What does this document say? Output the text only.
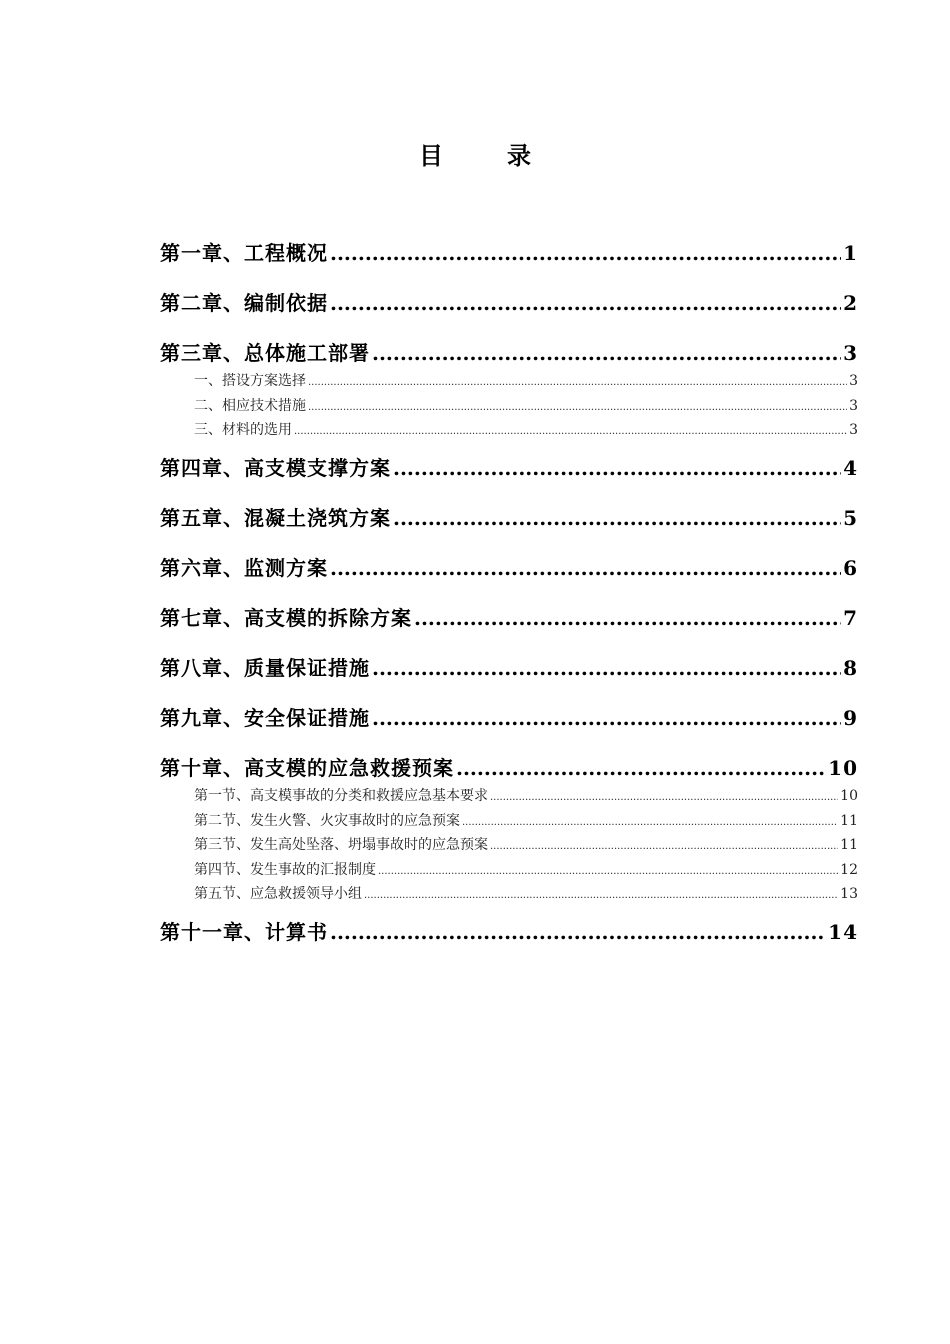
目	录
第一章、工程概况 .....	1
第二章、编制依据 .....	2
第三章、总体施工部署 .....	3
一、搭设方案选择 .....	3
二、相应技术措施 .....	3
三、材料的选用 .....	3
第四章、高支模支撑方案 .....	4
第五章、混凝土浇筑方案 .....	5
第六章、监测方案 .....	6
第七章、高支模的拆除方案 .....	7
第八章、质量保证措施 .....	8
第九章、安全保证措施 .....	9
第十章、高支模的应急救援预案 .....	10
第一节、高支模事故的分类和救援应急基本要求 .....	10
第二节、发生火警、火灾事故时的应急预案 .....	11
第三节、发生高处坠落、坍塌事故时的应急预案 .....	11
第四节、发生事故的汇报制度 .....	12
第五节、应急救援领导小组 .....	13
第十一章、计算书 .....	14
